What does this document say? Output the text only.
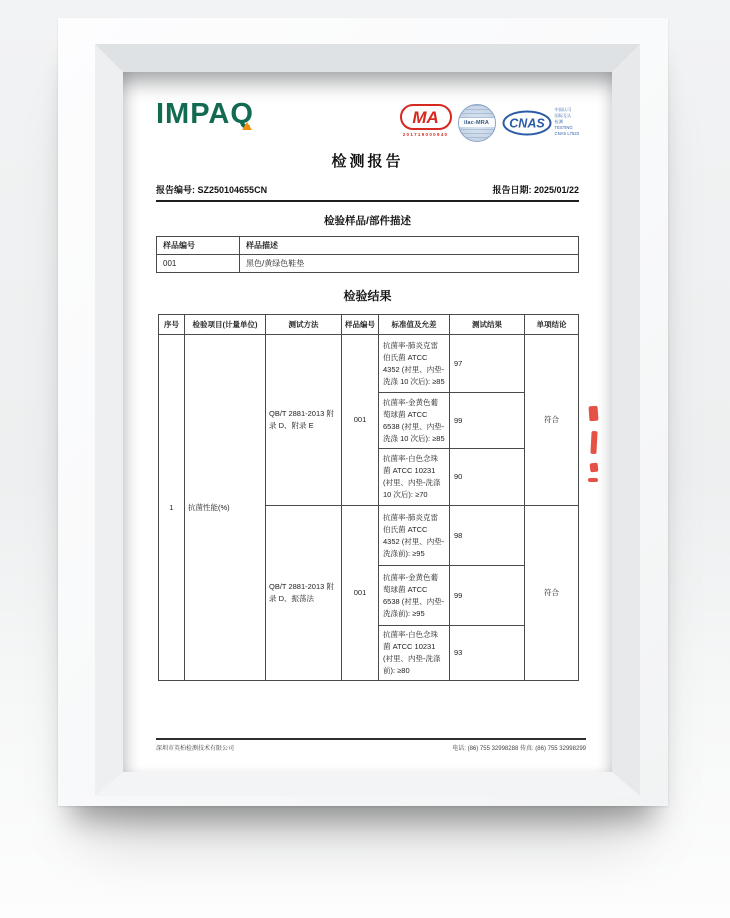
IMPAQ	MA
201719000940
ilac-MRA CNAS
中国认可
国际互认
检测
TESTING
CNAS L7523
检测报告
报告编号: SZ250104655CN	报告日期: 2025/01/22
检验样品/部件描述
样品编号	样品描述
001	黑色/黄绿色鞋垫
检验结果
序号	检验项目(计量单位)	测试方法	样品编号	标准值及允差	测试结果	单项结论
1	抗菌性能(%)	QB/T 2881-2013 附录 D、附录 E	001	抗菌率-肺炎克雷伯氏菌 ATCC 4352 (衬里、内垫-洗涤 10 次后): ≥85	97	符合
				抗菌率-金黄色葡萄球菌 ATCC 6538 (衬里、内垫-洗涤 10 次后): ≥85	99	
				抗菌率-白色念珠菌 ATCC 10231 (衬里、内垫-洗涤 10 次后): ≥70	90	
		QB/T 2881-2013 附录 D、振荡法	001	抗菌率-肺炎克雷伯氏菌 ATCC 4352 (衬里、内垫-洗涤前): ≥95	98	符合
				抗菌率-金黄色葡萄球菌 ATCC 6538 (衬里、内垫-洗涤前): ≥95	99	
				抗菌率-白色念珠菌 ATCC 10231 (衬里、内垫-洗涤前): ≥80	93	
深圳市英柏检测技术有限公司	电话: (86) 755 32998288 传真: (86) 755 32998299
